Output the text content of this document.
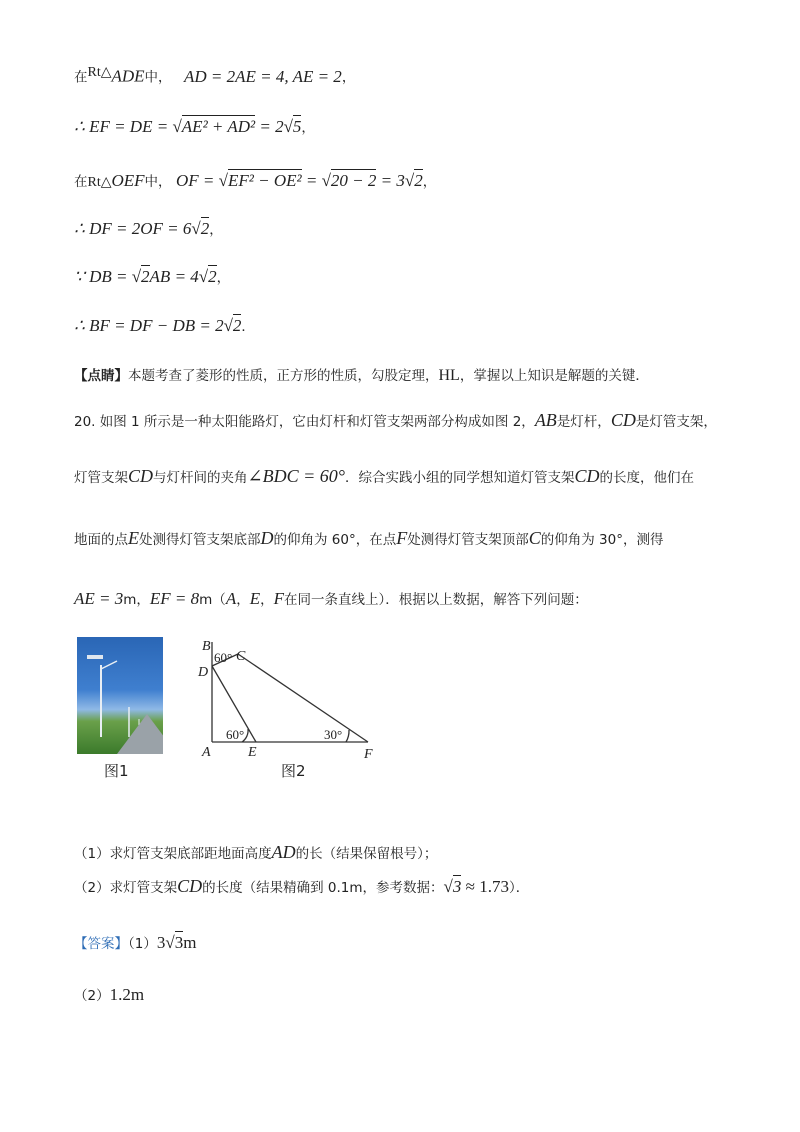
在$^{Rt\triangle}$ADE中， AD = 2AE = 4, AE = 2，
∴ EF = DE = √AE² + AD² = 2√5，
在Rt△OEF中， OF = √EF² − OE² = √20 − 2 = 3√2，
∴ DF = 2OF = 6√2，
∵ DB = √2AB = 4√2，
∴ BF = DF − DB = 2√2．
【点睛】本题考查了菱形的性质，正方形的性质，勾股定理，HL，掌握以上知识是解题的关键．
20. 如图 1 所示是一种太阳能路灯，它由灯杆和灯管支架两部分构成如图 2，AB是灯杆，CD是灯管支架，
灯管支架CD与灯杆间的夹角∠BDC = 60°．综合实践小组的同学想知道灯管支架CD的长度，他们在
地面的点E处测得灯管支架底部D的仰角为 60°，在点F处测得灯管支架顶部C的仰角为 30°，测得
AE = 3m，EF = 8m（A，E，F在同一条直线上）．根据以上数据，解答下列问题：
图1
B
D
C
A	E	F
60°
60°	30°
图2
（1）求灯管支架底部距地面高度AD的长（结果保留根号）；
（2）求灯管支架CD的长度（结果精确到 0.1m，参考数据：√3 ≈ 1.73）．
【答案】（1）3√3m
（2）1.2m
